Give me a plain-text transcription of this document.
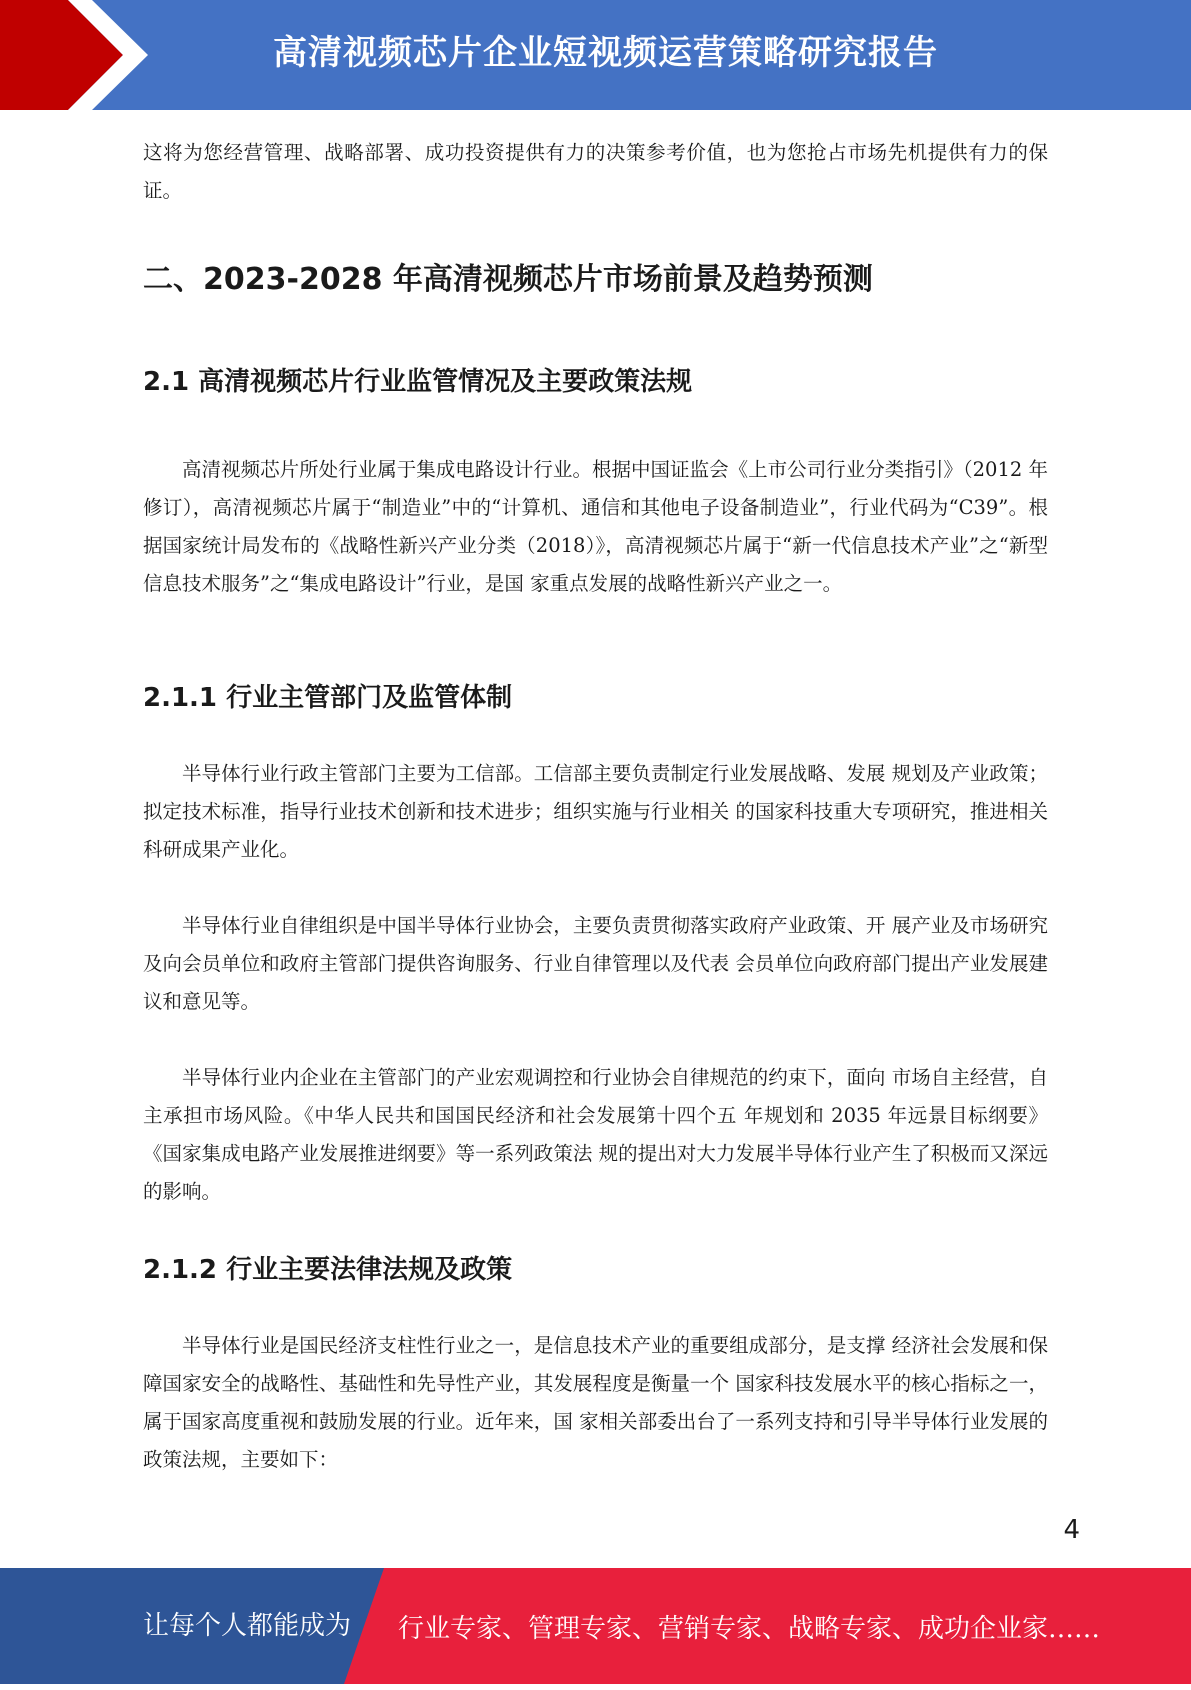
高清视频芯片企业短视频运营策略研究报告

这将为您经营管理、战略部署、成功投资提供有力的决策参考价值，也为您抢占市场先机提供有力的保证。

二、2023-2028 年高清视频芯片市场前景及趋势预测
2.1 高清视频芯片行业监管情况及主要政策法规

高清视频芯片所处行业属于集成电路设计行业。根据中国证监会《上市公司行业分类指引》（2012 年修订），高清视频芯片属于“制造业”中的“计算机、通信和其他电子设备制造业”，行业代码为“C39”。根据国家统计局发布的《战略性新兴产业分类（2018）》，高清视频芯片属于“新一代信息技术产业”之“新型信息技术服务”之“集成电路设计”行业，是国 家重点发展的战略性新兴产业之一。

2.1.1 行业主管部门及监管体制

半导体行业行政主管部门主要为工信部。工信部主要负责制定行业发展战略、发展 规划及产业政策；拟定技术标准，指导行业技术创新和技术进步；组织实施与行业相关 的国家科技重大专项研究，推进相关科研成果产业化。

半导体行业自律组织是中国半导体行业协会，主要负责贯彻落实政府产业政策、开 展产业及市场研究及向会员单位和政府主管部门提供咨询服务、行业自律管理以及代表 会员单位向政府部门提出产业发展建议和意见等。

半导体行业内企业在主管部门的产业宏观调控和行业协会自律规范的约束下，面向 市场自主经营，自主承担市场风险。《中华人民共和国国民经济和社会发展第十四个五 年规划和 2035 年远景目标纲要》《国家集成电路产业发展推进纲要》等一系列政策法 规的提出对大力发展半导体行业产生了积极而又深远的影响。

2.1.2 行业主要法律法规及政策

半导体行业是国民经济支柱性行业之一，是信息技术产业的重要组成部分，是支撑 经济社会发展和保障国家安全的战略性、基础性和先导性产业，其发展程度是衡量一个 国家科技发展水平的核心指标之一，属于国家高度重视和鼓励发展的行业。近年来，国 家相关部委出台了一系列支持和引导半导体行业发展的政策法规，主要如下：

4
让每个人都能成为 行业专家、管理专家、营销专家、战略专家、成功企业家……
